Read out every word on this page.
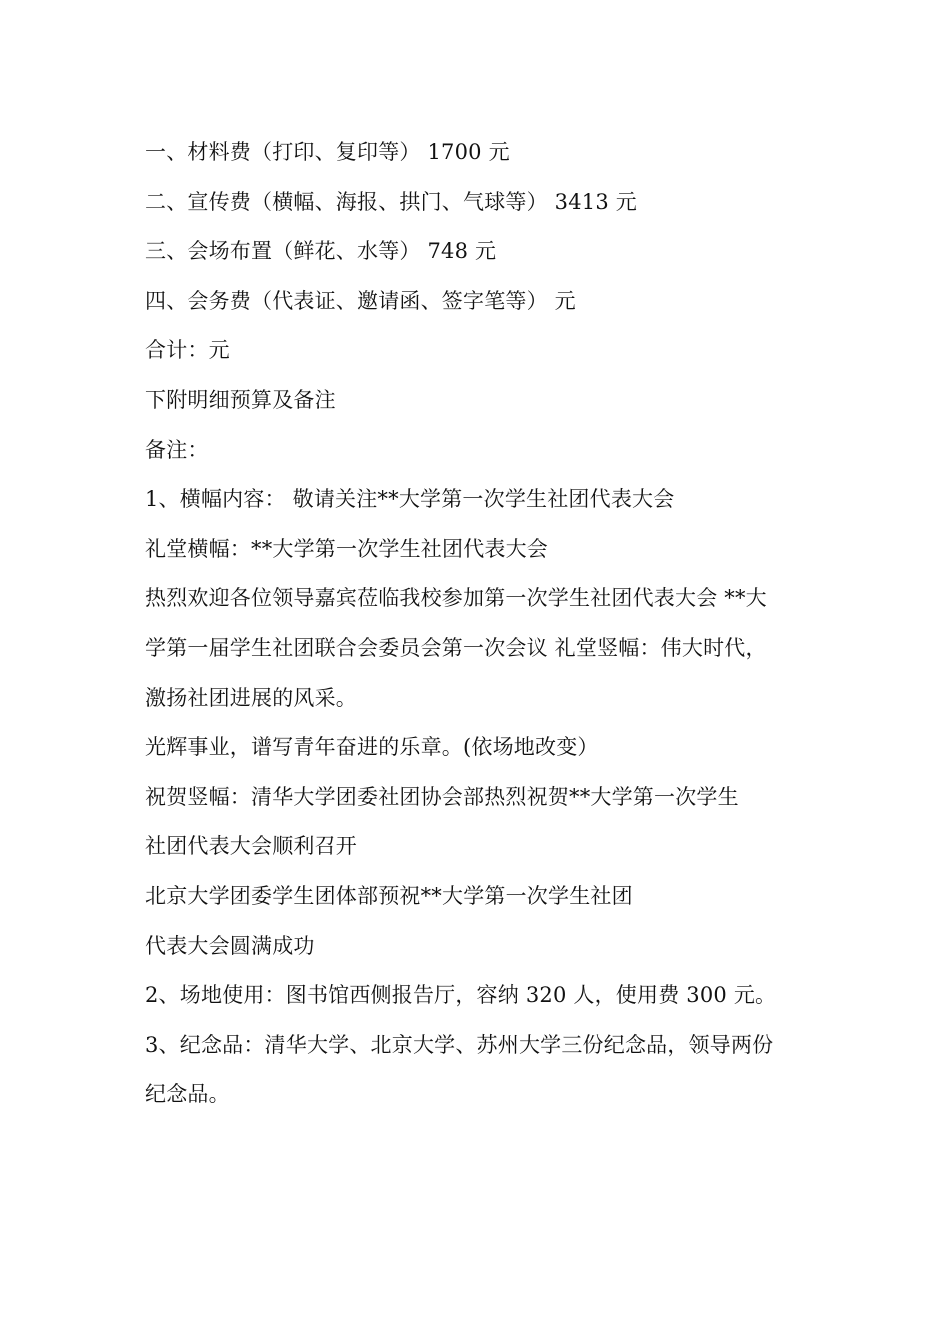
一、材料费（打印、复印等） 1700 元
二、宣传费（横幅、海报、拱门、气球等） 3413 元
三、会场布置（鲜花、水等） 748 元
四、会务费（代表证、邀请函、签字笔等） 元
合计：元
下附明细预算及备注
备注：
1、横幅内容： 敬请关注**大学第一次学生社团代表大会
礼堂横幅：**大学第一次学生社团代表大会
热烈欢迎各位领导嘉宾莅临我校参加第一次学生社团代表大会 **大
学第一届学生社团联合会委员会第一次会议 礼堂竖幅：伟大时代，
激扬社团进展的风采。
光辉事业，谱写青年奋进的乐章。(依场地改变）
祝贺竖幅：清华大学团委社团协会部热烈祝贺**大学第一次学生
社团代表大会顺利召开
北京大学团委学生团体部预祝**大学第一次学生社团
代表大会圆满成功
2、场地使用：图书馆西侧报告厅，容纳 320 人，使用费 300 元。
3、纪念品：清华大学、北京大学、苏州大学三份纪念品，领导两份
纪念品。
